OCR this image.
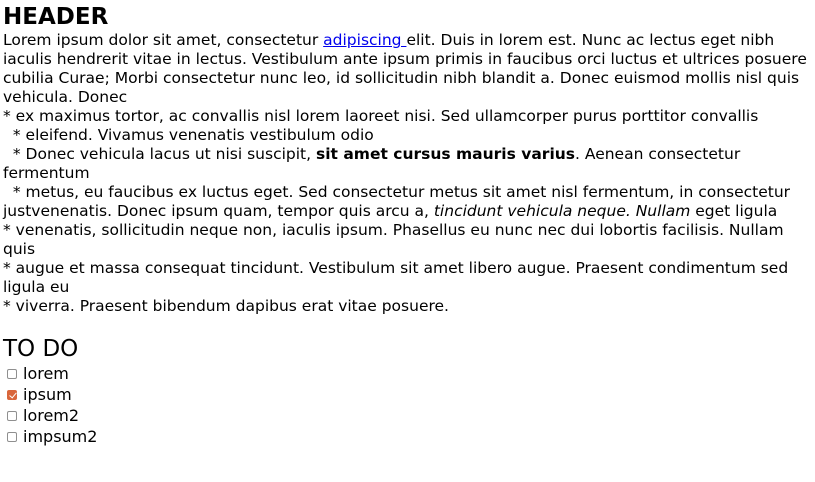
HEADER

Lorem ipsum dolor sit amet, consectetur adipiscing elit. Duis in lorem est. Nunc ac lectus eget nibh iaculis hendrerit vitae in lectus. Vestibulum ante ipsum primis in faucibus orci luctus et ultrices posuere cubilia Curae; Morbi consectetur nunc leo, id sollicitudin nibh blandit a. Donec euismod mollis nisl quis vehicula. Donec
* ex maximus tortor, ac convallis nisl lorem laoreet nisi. Sed ullamcorper purus porttitor convallis
* eleifend. Vivamus venenatis vestibulum odio
* Donec vehicula lacus ut nisi suscipit, sit amet cursus mauris varius. Aenean consectetur fermentum
* metus, eu faucibus ex luctus eget. Sed consectetur metus sit amet nisl fermentum, in consectetur justvenenatis. Donec ipsum quam, tempor quis arcu a, tincidunt vehicula neque. Nullam eget ligula
* venenatis, sollicitudin neque non, iaculis ipsum. Phasellus eu nunc nec dui lobortis facilisis. Nullam quis
* augue et massa consequat tincidunt. Vestibulum sit amet libero augue. Praesent condimentum sed ligula eu
* viverra. Praesent bibendum dapibus erat vitae posuere.

TO DO
lorem
ipsum
lorem2
impsum2
